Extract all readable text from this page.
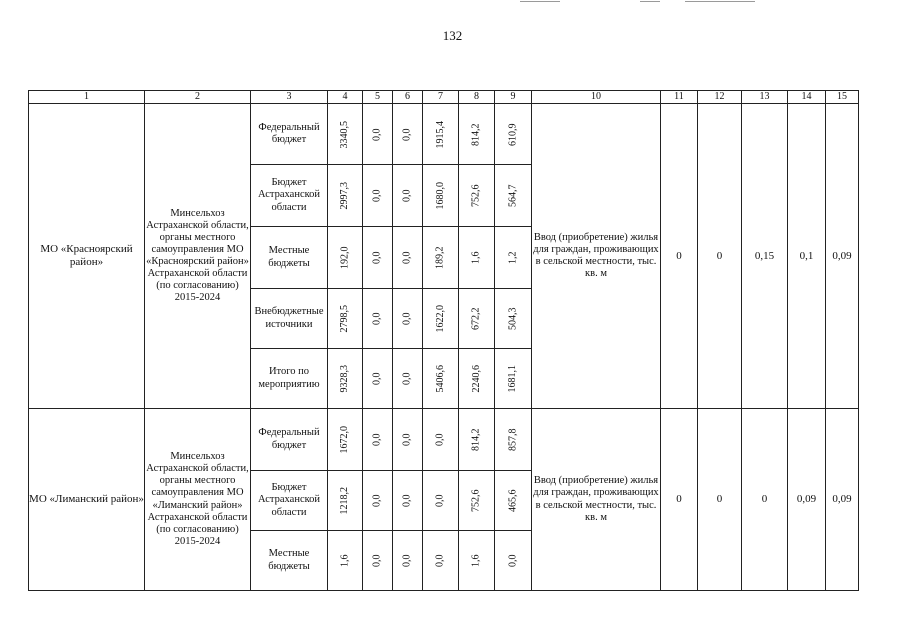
132
1	2	3	4	5	6	7	8	9	10	11	12	13	14	15
МО «Красноярский район»	Минсельхоз Астраханской области, органы местного самоуправления МО «Красноярский район» Астраханской области (по согласованию) 2015-2024	Федеральный бюджет	3340,5	0,0	0,0	1915,4	814,2	610,9	Ввод (приобретение) жилья для граждан, проживающих в сельской местности, тыс. кв. м	0	0	0,15	0,1	0,09
		Бюджет Астраханской области	2997,3	0,0	0,0	1680,0	752,6	564,7						
		Местные бюджеты	192,0	0,0	0,0	189,2	1,6	1,2						
		Внебюджетные источники	2798,5	0,0	0,0	1622,0	672,2	504,3						
		Итого по мероприятию	9328,3	0,0	0,0	5406,6	2240,6	1681,1						
МО «Лиманский район»	Минсельхоз Астраханской области, органы местного самоуправления МО «Лиманский район» Астраханской области (по согласованию) 2015-2024	Федеральный бюджет	1672,0	0,0	0,0	0,0	814,2	857,8	Ввод (приобретение) жилья для граждан, проживающих в сельской местности, тыс. кв. м	0	0	0	0,09	0,09
		Бюджет Астраханской области	1218,2	0,0	0,0	0,0	752,6	465,6						
		Местные бюджеты	1,6	0,0	0,0	0,0	1,6	0,0						
